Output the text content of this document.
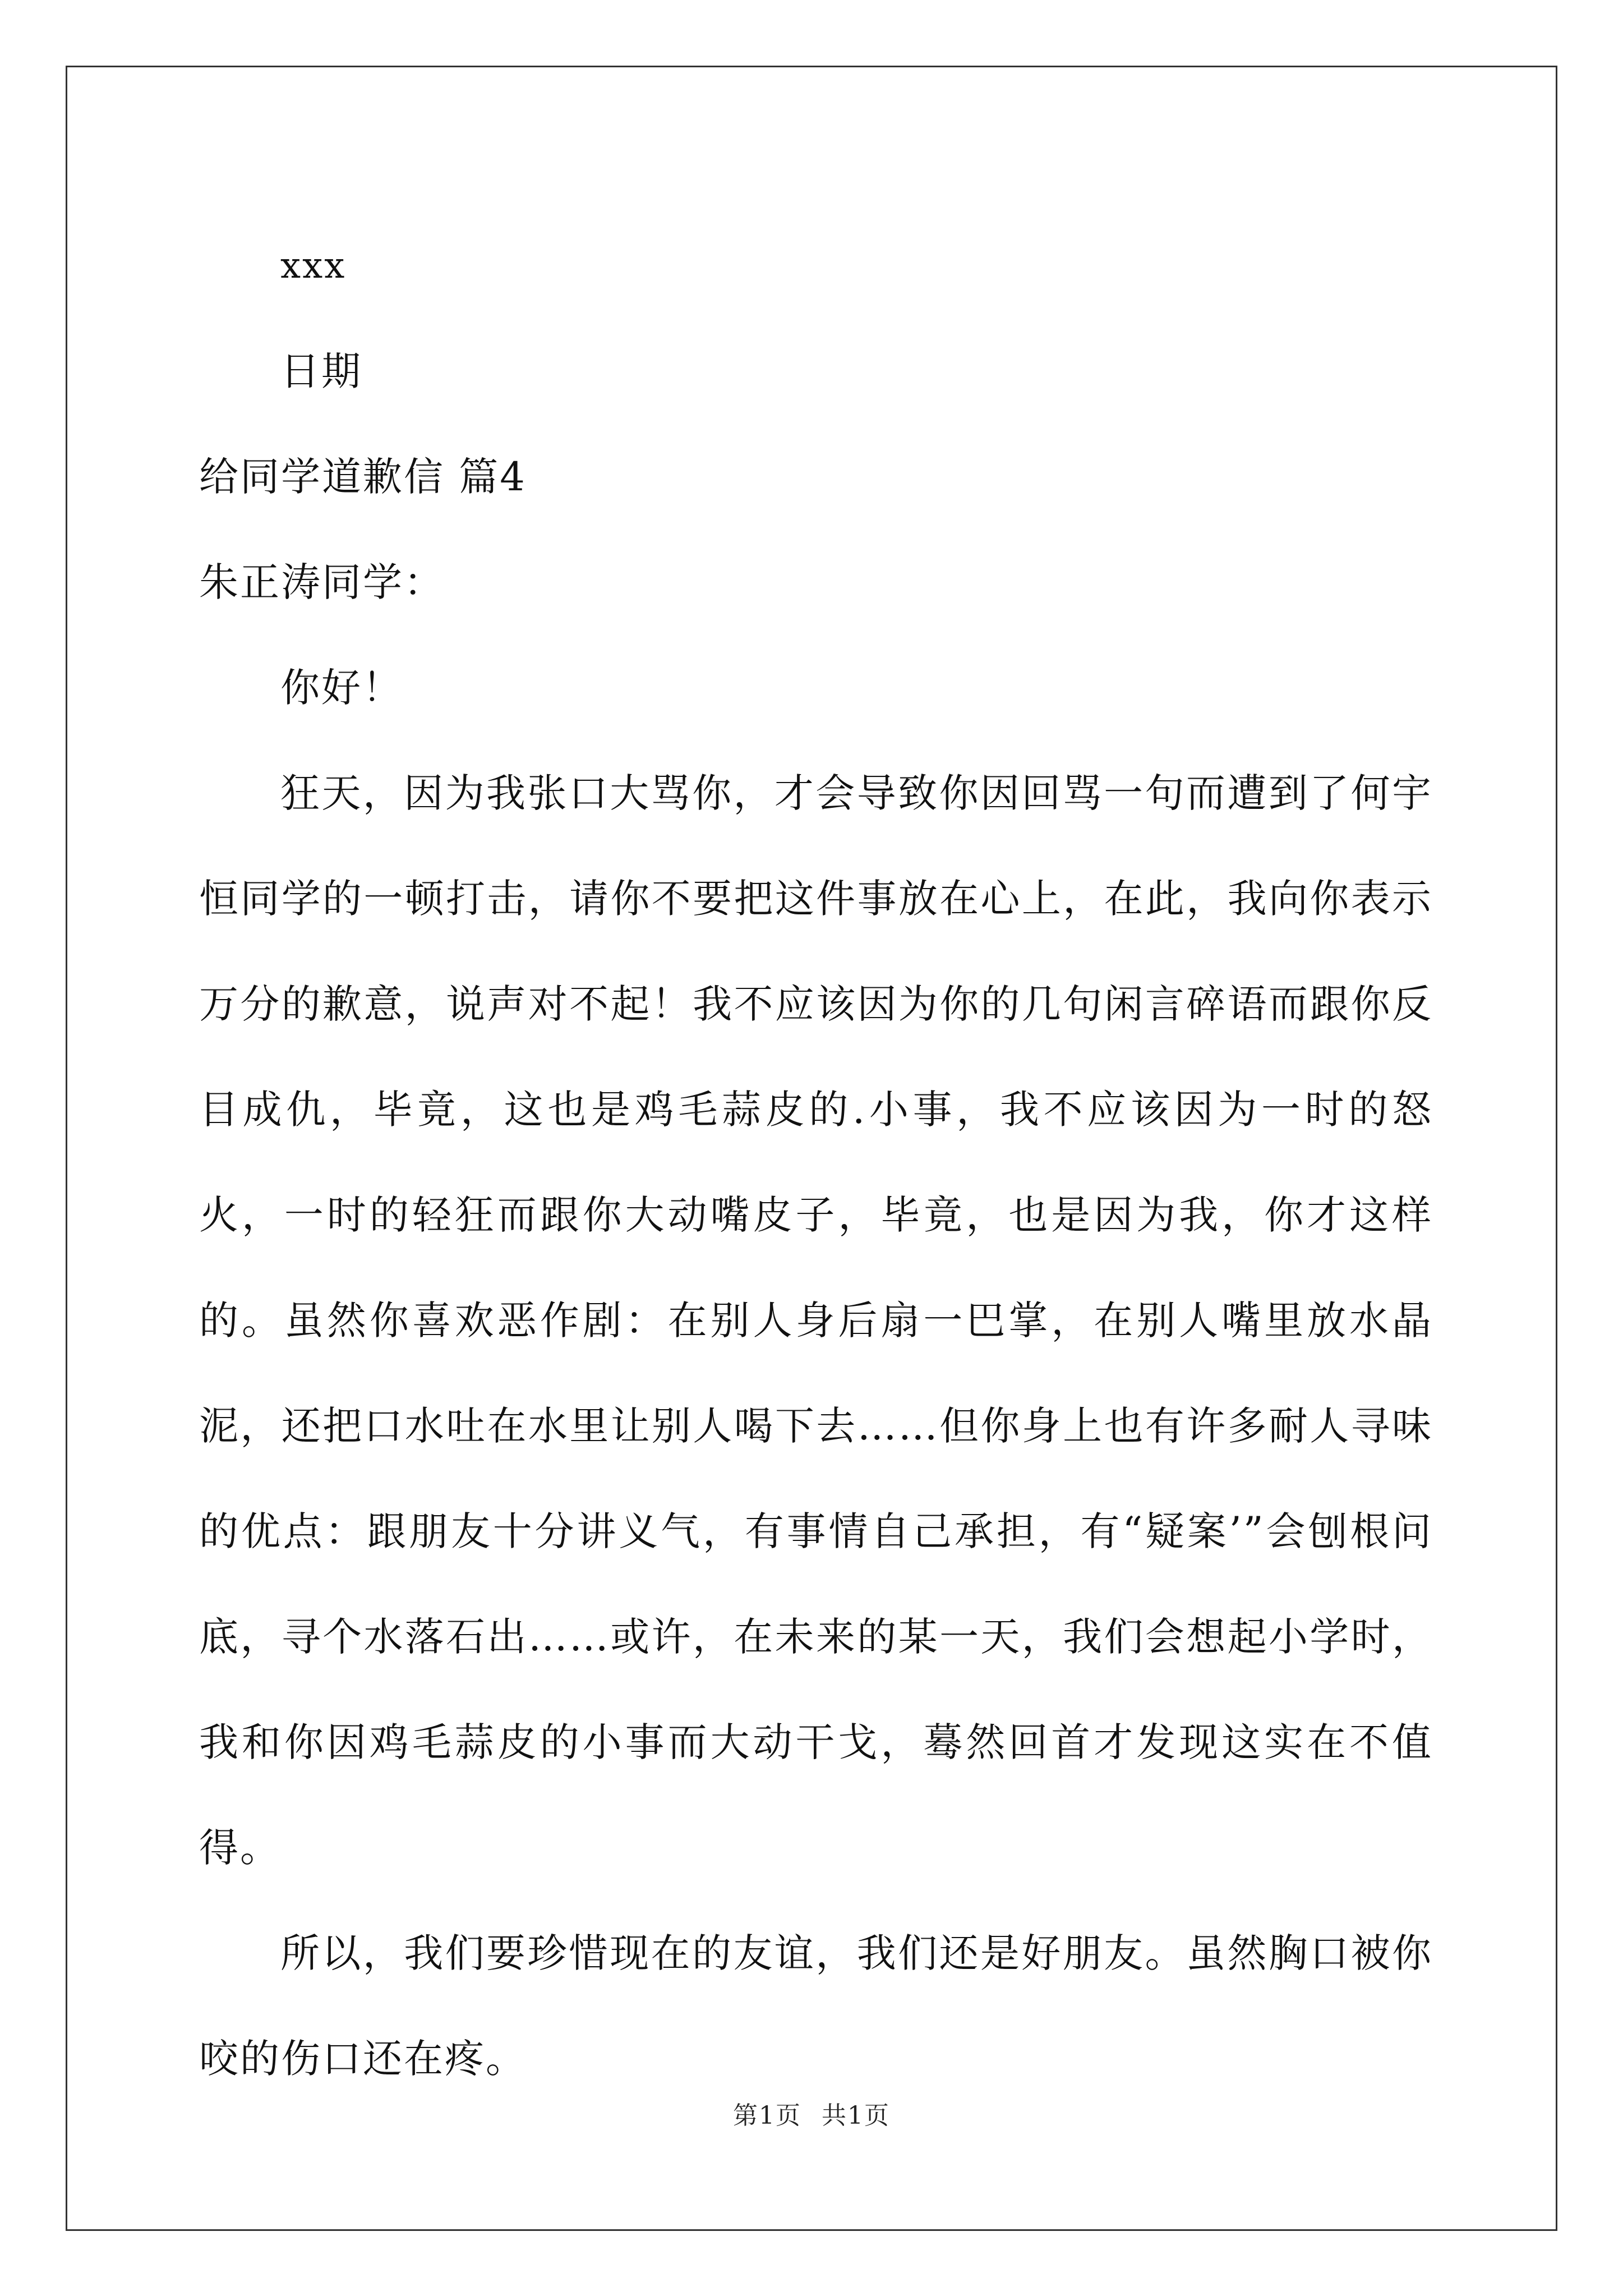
xxx
日期
给同学道歉信 篇4
朱正涛同学：
你好！

狂天，因为我张口大骂你，才会导致你因回骂一句而遭到了何宇恒同学的一顿打击，请你不要把这件事放在心上，在此，我向你表示万分的歉意，说声对不起！我不应该因为你的几句闲言碎语而跟你反目成仇，毕竟，这也是鸡毛蒜皮的.小事，我不应该因为一时的怒火，一时的轻狂而跟你大动嘴皮子，毕竟，也是因为我，你才这样的。虽然你喜欢恶作剧：在别人身后扇一巴掌，在别人嘴里放水晶泥，还把口水吐在水里让别人喝下去……但你身上也有许多耐人寻味的优点：跟朋友十分讲义气，有事情自己承担，有“疑案’”会刨根问底，寻个水落石出……或许，在未来的某一天，我们会想起小学时，我和你因鸡毛蒜皮的小事而大动干戈，蓦然回首才发现这实在不值得。

所以，我们要珍惜现在的友谊，我们还是好朋友。虽然胸口被你咬的伤口还在疼。

第1页 共1页
